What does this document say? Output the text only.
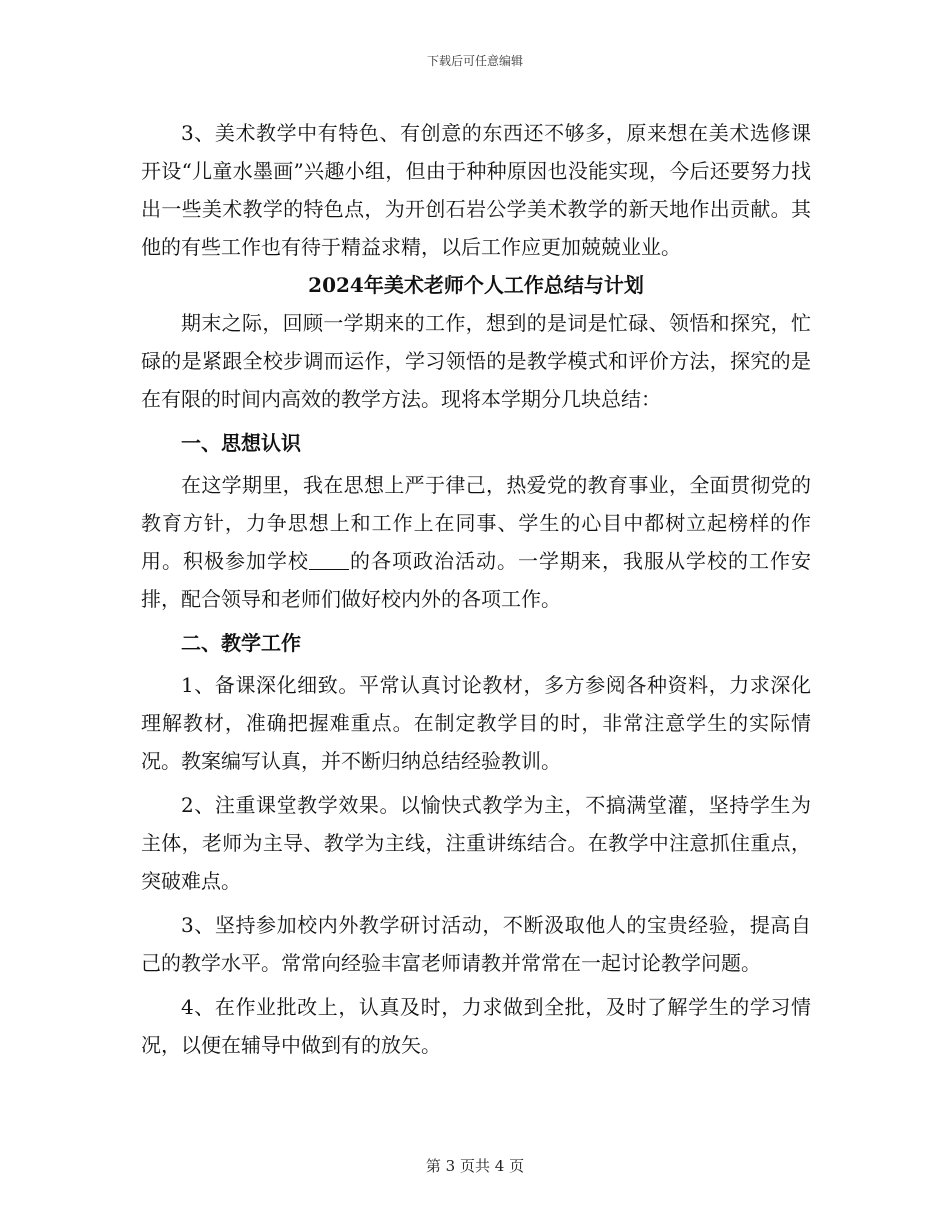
下载后可任意编辑

3、美术教学中有特色、有创意的东西还不够多，原来想在美术选修课开设“儿童水墨画”兴趣小组，但由于种种原因也没能实现，今后还要努力找出一些美术教学的特色点，为开创石岩公学美术教学的新天地作出贡献。其他的有些工作也有待于精益求精，以后工作应更加兢兢业业。

2024年美术老师个人工作总结与计划

期末之际，回顾一学期来的工作，想到的是词是忙碌、领悟和探究，忙碌的是紧跟全校步调而运作，学习领悟的是教学模式和评价方法，探究的是在有限的时间内高效的教学方法。现将本学期分几块总结：

一、思想认识

在这学期里，我在思想上严于律己，热爱党的教育事业，全面贯彻党的教育方针，力争思想上和工作上在同事、学生的心目中都树立起榜样的作用。积极参加学校 的各项政治活动。一学期来，我服从学校的工作安排，配合领导和老师们做好校内外的各项工作。

二、教学工作

1、备课深化细致。平常认真讨论教材，多方参阅各种资料，力求深化理解教材，准确把握难重点。在制定教学目的时，非常注意学生的实际情况。教案编写认真，并不断归纳总结经验教训。

2、注重课堂教学效果。以愉快式教学为主，不搞满堂灌，坚持学生为主体，老师为主导、教学为主线，注重讲练结合。在教学中注意抓住重点，突破难点。

3、坚持参加校内外教学研讨活动，不断汲取他人的宝贵经验，提高自己的教学水平。常常向经验丰富老师请教并常常在一起讨论教学问题。

4、在作业批改上，认真及时，力求做到全批，及时了解学生的学习情况，以便在辅导中做到有的放矢。

第 3 页共 4 页
